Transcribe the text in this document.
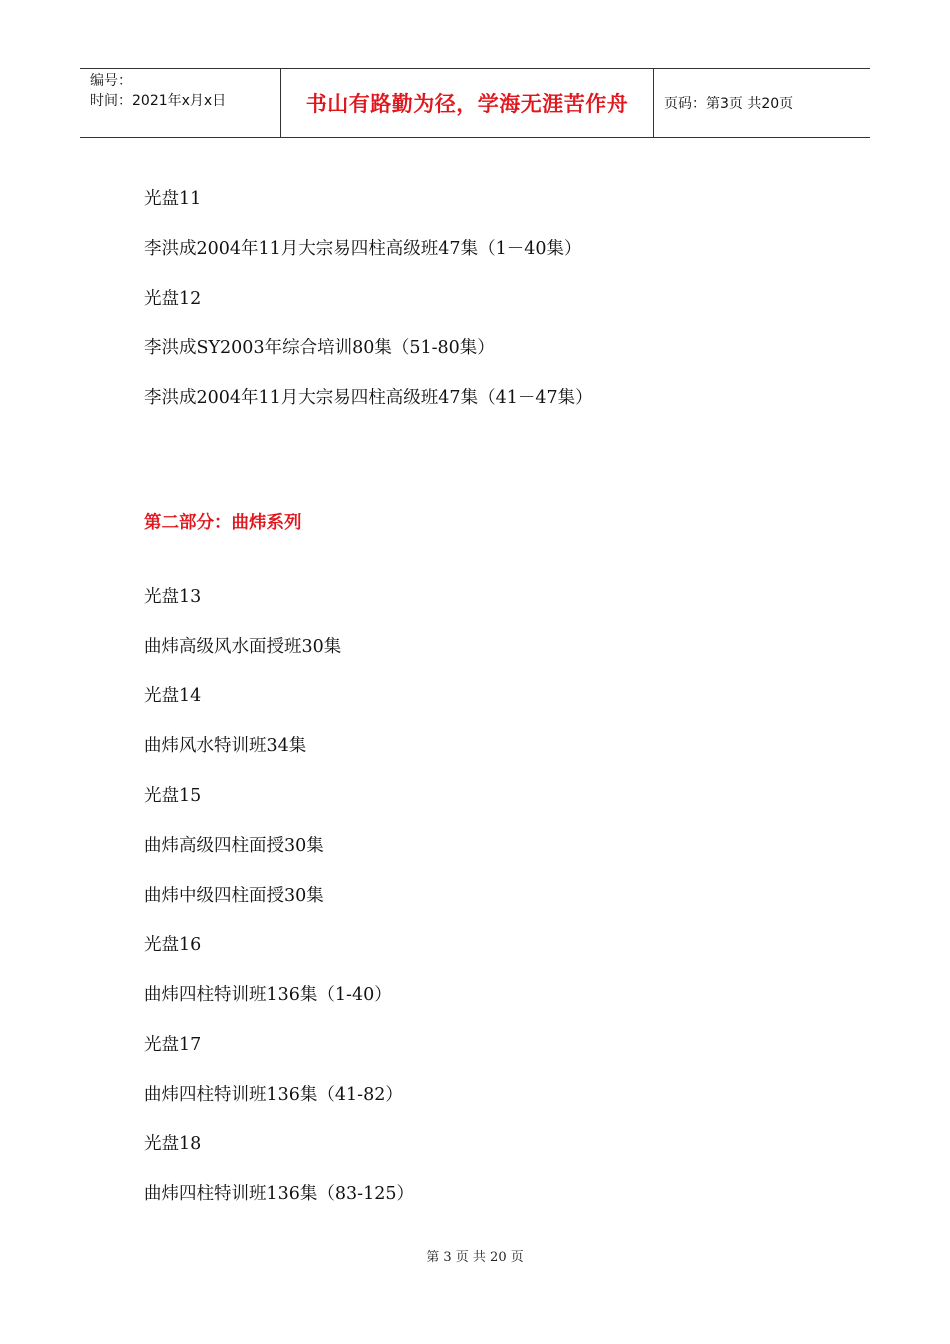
编号：
时间：2021年x月x日	书山有路勤为径，学海无涯苦作舟	页码：第3页 共20页
光盘11
李洪成2004年11月大宗易四柱高级班47集（1－40集）
光盘12
李洪成SY2003年综合培训80集（51-80集）
李洪成2004年11月大宗易四柱高级班47集（41－47集）
第二部分：曲炜系列
光盘13
曲炜高级风水面授班30集
光盘14
曲炜风水特训班34集
光盘15
曲炜高级四柱面授30集
曲炜中级四柱面授30集
光盘16
曲炜四柱特训班136集（1-40）
光盘17
曲炜四柱特训班136集（41-82）
光盘18
曲炜四柱特训班136集（83-125）
第 3 页 共 20 页
